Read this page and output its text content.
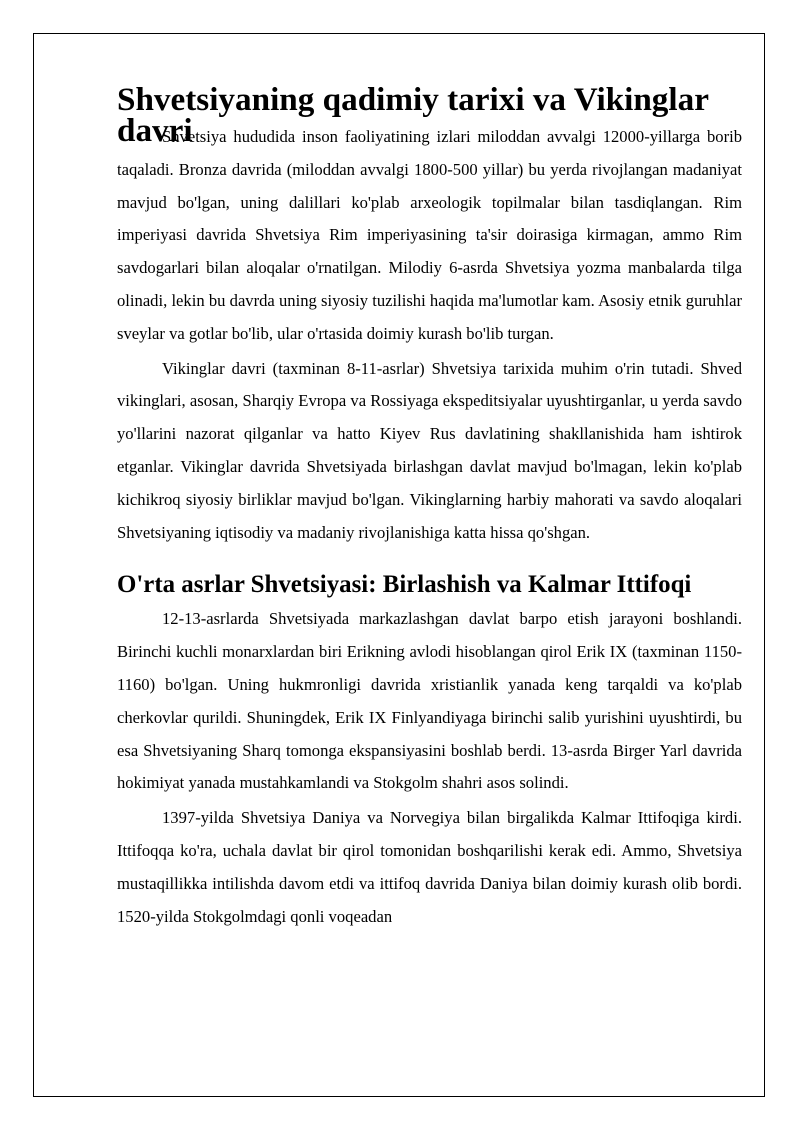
Shvetsiyaning qadimiy tarixi va Vikinglar davri

Shvetsiya hududida inson faoliyatining izlari miloddan avvalgi 12000-yillarga borib taqaladi. Bronza davrida (miloddan avvalgi 1800-500 yillar) bu yerda rivojlangan madaniyat mavjud bo'lgan, uning dalillari ko'plab arxeologik topilmalar bilan tasdiqlangan. Rim imperiyasi davrida Shvetsiya Rim imperiyasining ta'sir doirasiga kirmagan, ammo Rim savdogarlari bilan aloqalar o'rnatilgan. Milodiy 6-asrda Shvetsiya yozma manbalarda tilga olinadi, lekin bu davrda uning siyosiy tuzilishi haqida ma'lumotlar kam. Asosiy etnik guruhlar sveylar va gotlar bo'lib, ular o'rtasida doimiy kurash bo'lib turgan.

Vikinglar davri (taxminan 8-11-asrlar) Shvetsiya tarixida muhim o'rin tutadi. Shved vikinglari, asosan, Sharqiy Evropa va Rossiyaga ekspeditsiyalar uyushtirganlar, u yerda savdo yo'llarini nazorat qilganlar va hatto Kiyev Rus davlatining shakllanishida ham ishtirok etganlar. Vikinglar davrida Shvetsiyada birlashgan davlat mavjud bo'lmagan, lekin ko'plab kichikroq siyosiy birliklar mavjud bo'lgan. Vikinglarning harbiy mahorati va savdo aloqalari Shvetsiyaning iqtisodiy va madaniy rivojlanishiga katta hissa qo'shgan.

O'rta asrlar Shvetsiyasi: Birlashish va Kalmar Ittifoqi

12-13-asrlarda Shvetsiyada markazlashgan davlat barpo etish jarayoni boshlandi. Birinchi kuchli monarxlardan biri Erikning avlodi hisoblangan qirol Erik IX (taxminan 1150-1160) bo'lgan. Uning hukmronligi davrida xristianlik yanada keng tarqaldi va ko'plab cherkovlar qurildi. Shuningdek, Erik IX Finlyandiyaga birinchi salib yurishini uyushtirdi, bu esa Shvetsiyaning Sharq tomonga ekspansiyasini boshlab berdi. 13-asrda Birger Yarl davrida hokimiyat yanada mustahkamlandi va Stokgolm shahri asos solindi.

1397-yilda Shvetsiya Daniya va Norvegiya bilan birgalikda Kalmar Ittifoqiga kirdi. Ittifoqqa ko'ra, uchala davlat bir qirol tomonidan boshqarilishi kerak edi. Ammo, Shvetsiya mustaqillikka intilishda davom etdi va ittifoq davrida Daniya bilan doimiy kurash olib bordi. 1520-yilda Stokgolmdagi qonli voqeadan
